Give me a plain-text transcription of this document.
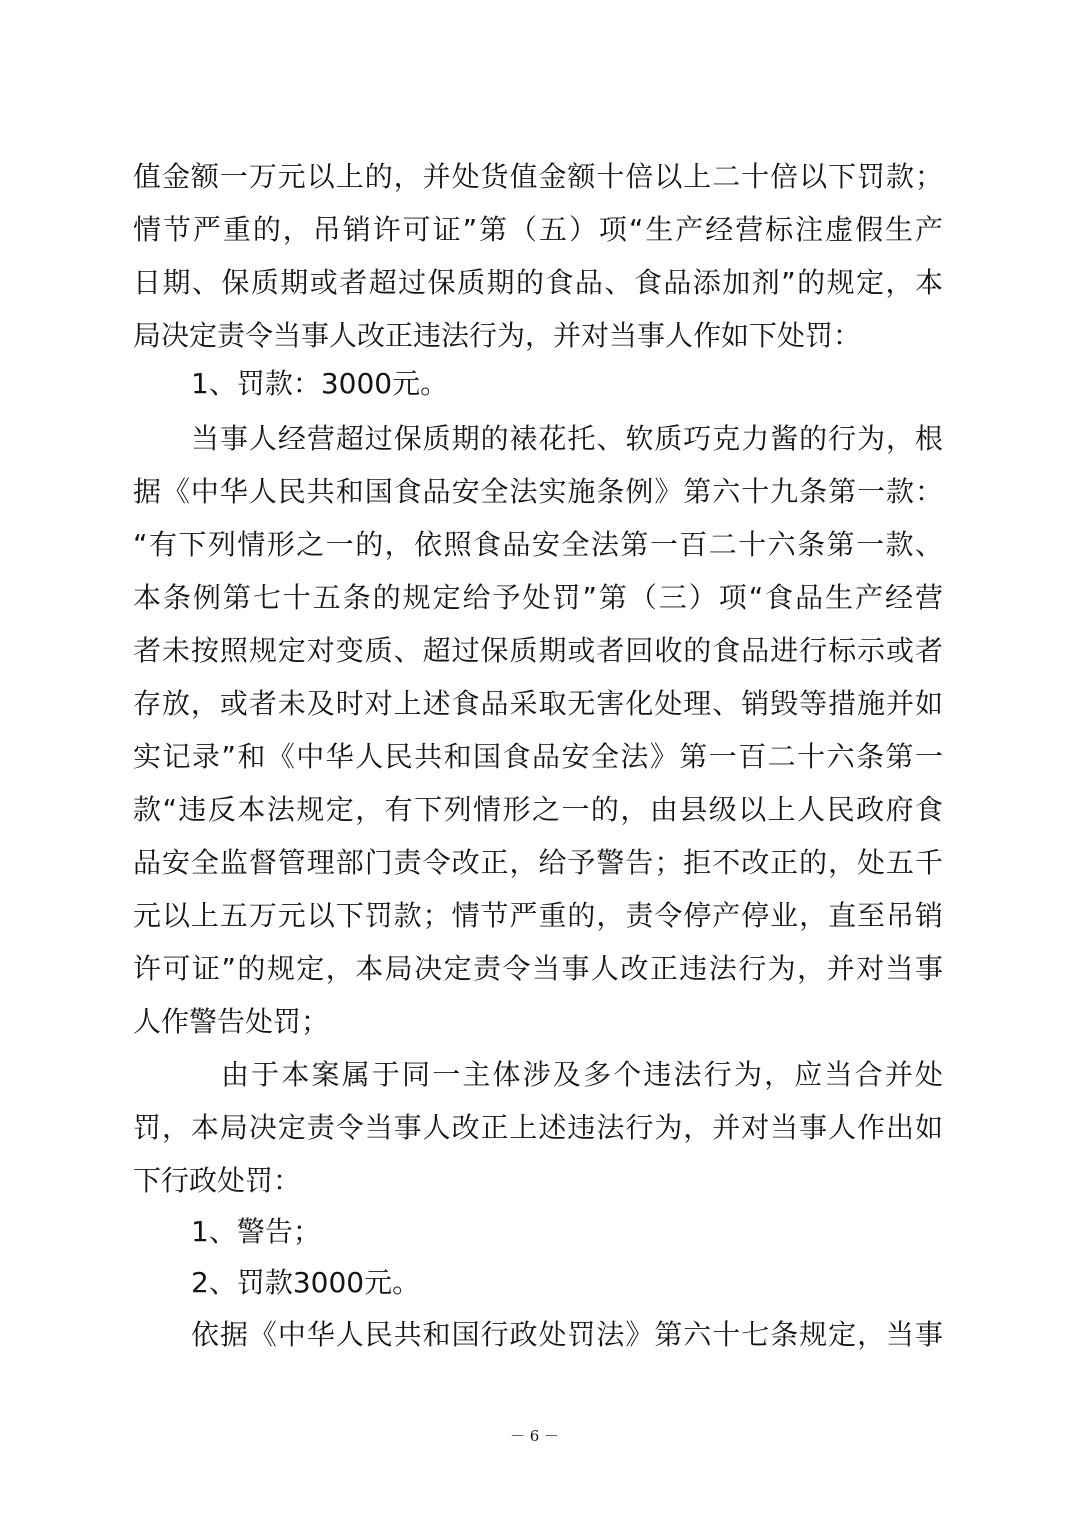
值金额一万元以上的，并处货值金额十倍以上二十倍以下罚款；
情节严重的，吊销许可证”第（五）项“生产经营标注虚假生产
日期、保质期或者超过保质期的食品、食品添加剂”的规定，本
局决定责令当事人改正违法行为，并对当事人作如下处罚：
1、罚款：3000元。
当事人经营超过保质期的裱花托、软质巧克力酱的行为，根
据《中华人民共和国食品安全法实施条例》第六十九条第一款：
“有下列情形之一的，依照食品安全法第一百二十六条第一款、
本条例第七十五条的规定给予处罚”第（三）项“食品生产经营
者未按照规定对变质、超过保质期或者回收的食品进行标示或者
存放，或者未及时对上述食品采取无害化处理、销毁等措施并如
实记录”和《中华人民共和国食品安全法》第一百二十六条第一
款“违反本法规定，有下列情形之一的，由县级以上人民政府食
品安全监督管理部门责令改正，给予警告；拒不改正的，处五千
元以上五万元以下罚款；情节严重的，责令停产停业，直至吊销
许可证”的规定，本局决定责令当事人改正违法行为，并对当事
人作警告处罚；
由于本案属于同一主体涉及多个违法行为，应当合并处
罚，本局决定责令当事人改正上述违法行为，并对当事人作出如
下行政处罚：
1、警告；
2、罚款3000元。
依据《中华人民共和国行政处罚法》第六十七条规定，当事
－ 6 －
